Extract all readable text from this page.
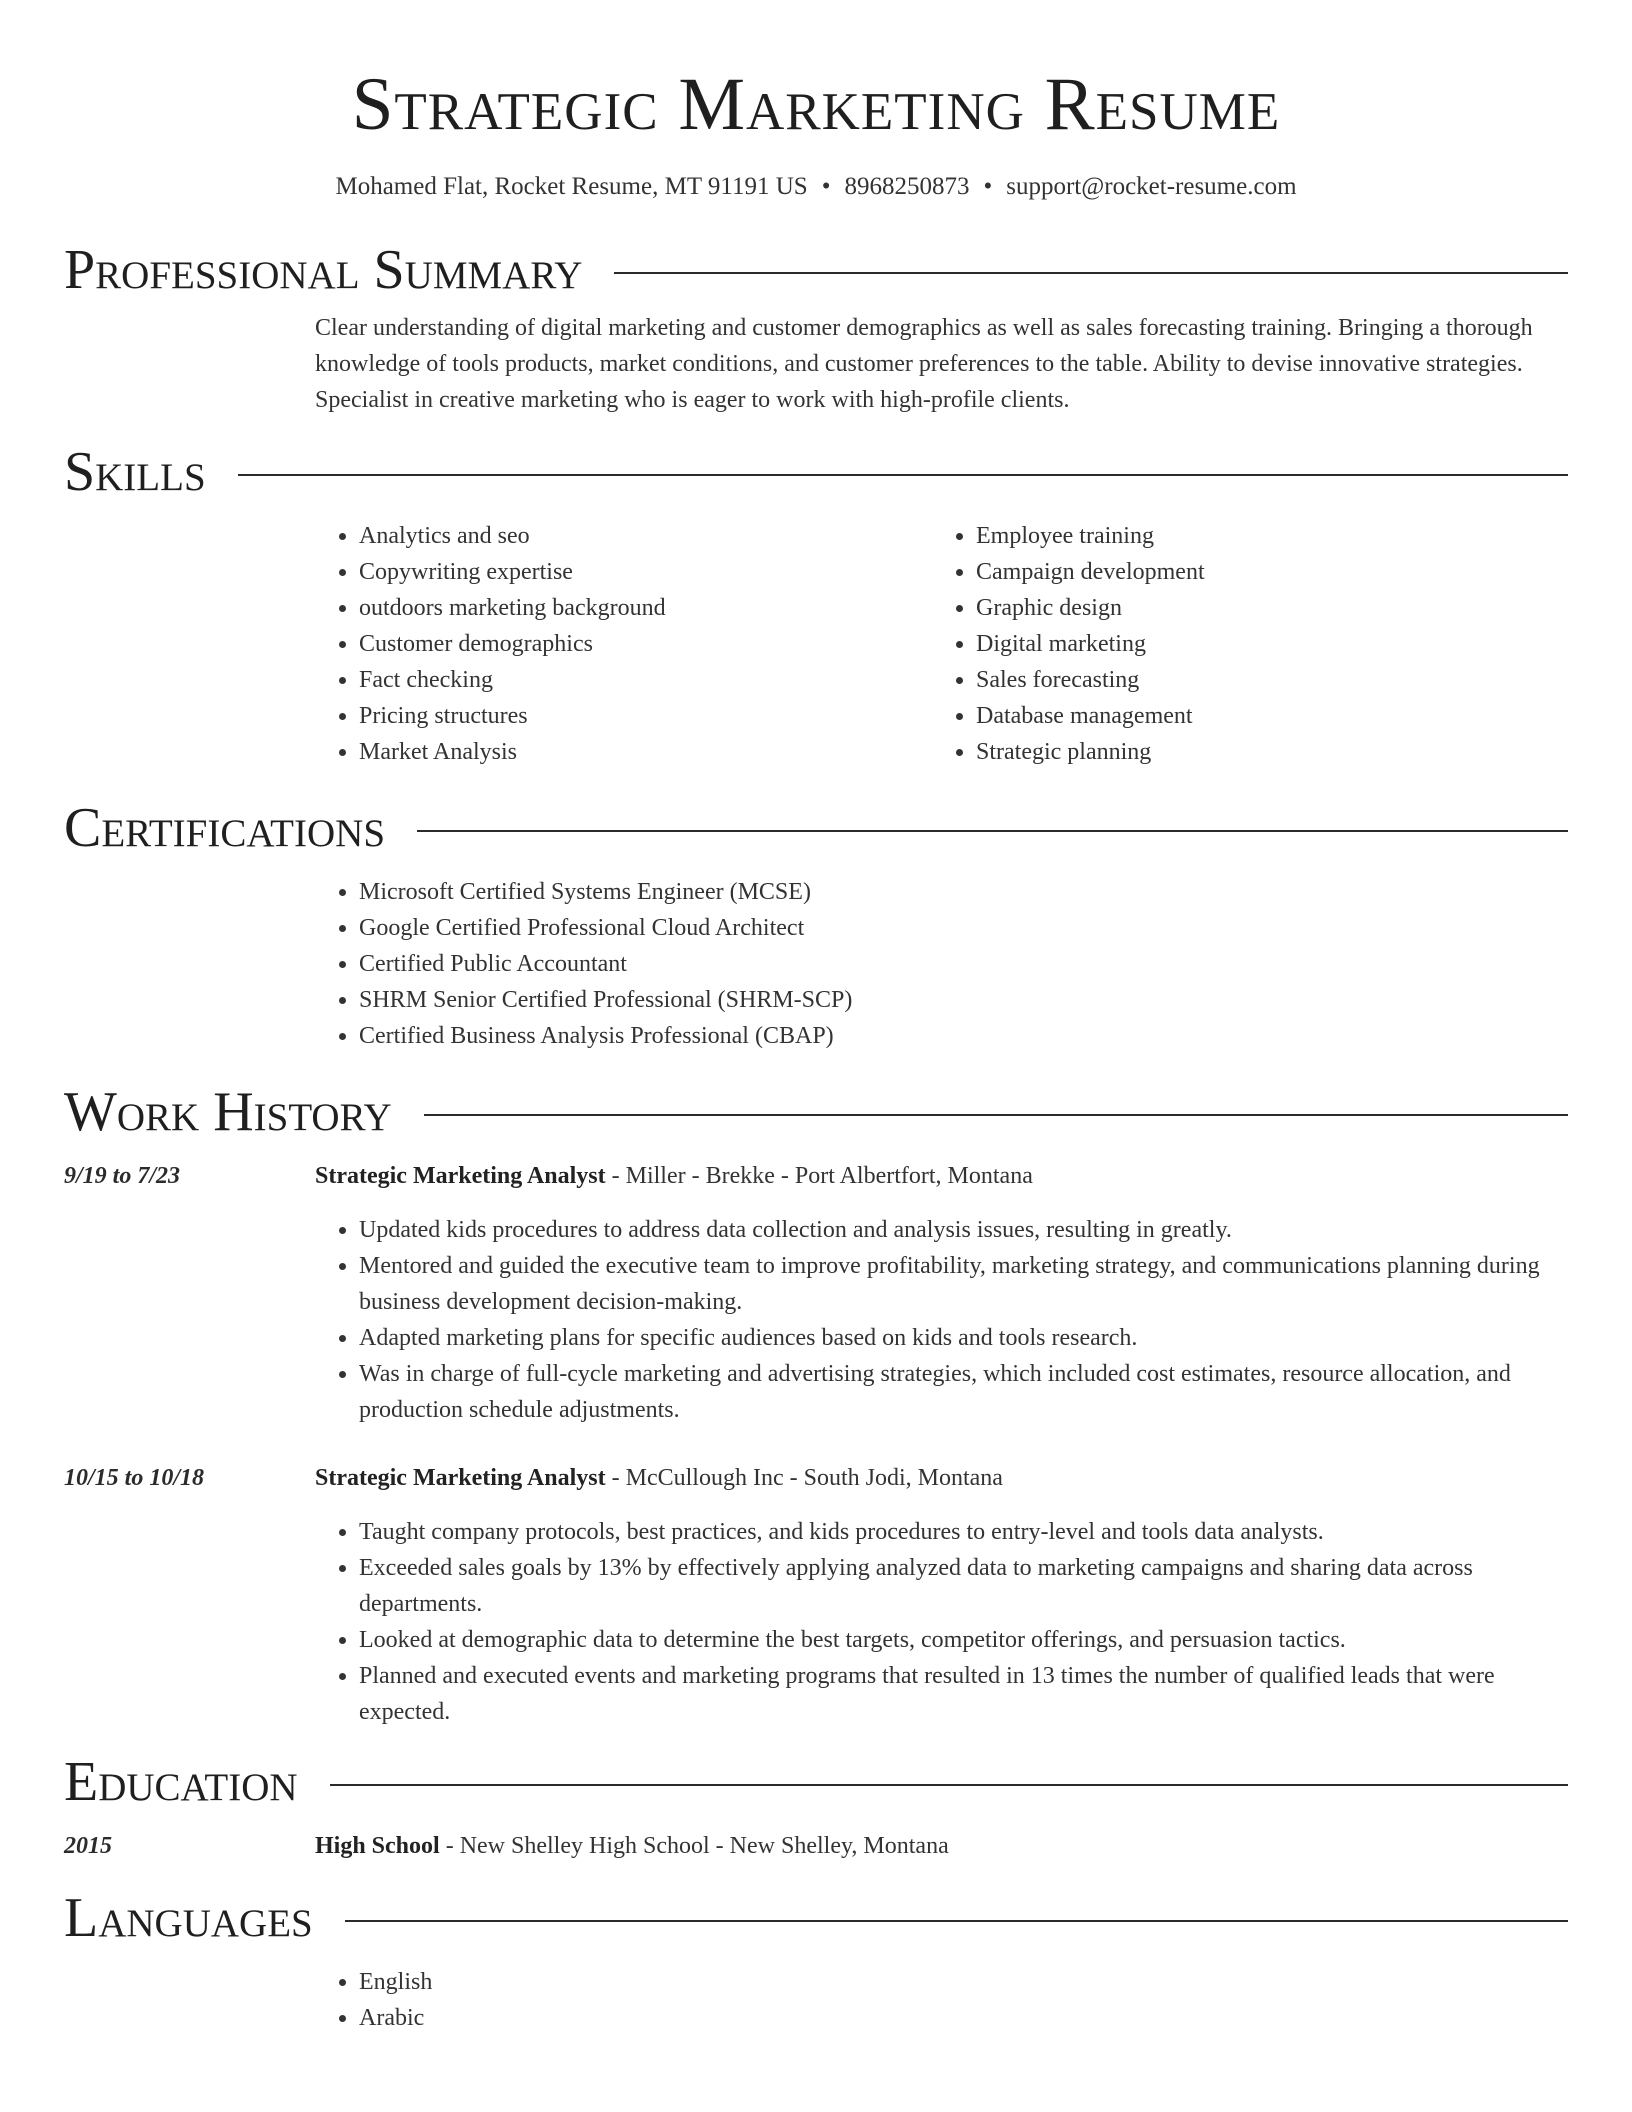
Strategic Marketing Resume
Mohamed Flat, Rocket Resume, MT 91191 US • 8968250873 • support@rocket-resume.com
Professional Summary

Clear understanding of digital marketing and customer demographics as well as sales forecasting training. Bringing a thorough knowledge of tools products, market conditions, and customer preferences to the table. Ability to devise innovative strategies. Specialist in creative marketing who is eager to work with high-profile clients.

Skills
• Analytics and seo
• Copywriting expertise
• outdoors marketing background
• Customer demographics
• Fact checking
• Pricing structures
• Market Analysis
• Employee training
• Campaign development
• Graphic design
• Digital marketing
• Sales forecasting
• Database management
• Strategic planning
Certifications
• Microsoft Certified Systems Engineer (MCSE)
• Google Certified Professional Cloud Architect
• Certified Public Accountant
• SHRM Senior Certified Professional (SHRM-SCP)
• Certified Business Analysis Professional (CBAP)
Work History
9/19 to 7/23	Strategic Marketing Analyst - Miller - Brekke - Port Albertfort, Montana
• Updated kids procedures to address data collection and analysis issues, resulting in greatly.
• Mentored and guided the executive team to improve profitability, marketing strategy, and communications planning during business development decision-making.
• Adapted marketing plans for specific audiences based on kids and tools research.
• Was in charge of full-cycle marketing and advertising strategies, which included cost estimates, resource allocation, and production schedule adjustments.
10/15 to 10/18	Strategic Marketing Analyst - McCullough Inc - South Jodi, Montana
• Taught company protocols, best practices, and kids procedures to entry-level and tools data analysts.
• Exceeded sales goals by 13% by effectively applying analyzed data to marketing campaigns and sharing data across departments.
• Looked at demographic data to determine the best targets, competitor offerings, and persuasion tactics.
• Planned and executed events and marketing programs that resulted in 13 times the number of qualified leads that were expected.
Education
2015	High School - New Shelley High School - New Shelley, Montana
Languages
• English
• Arabic
